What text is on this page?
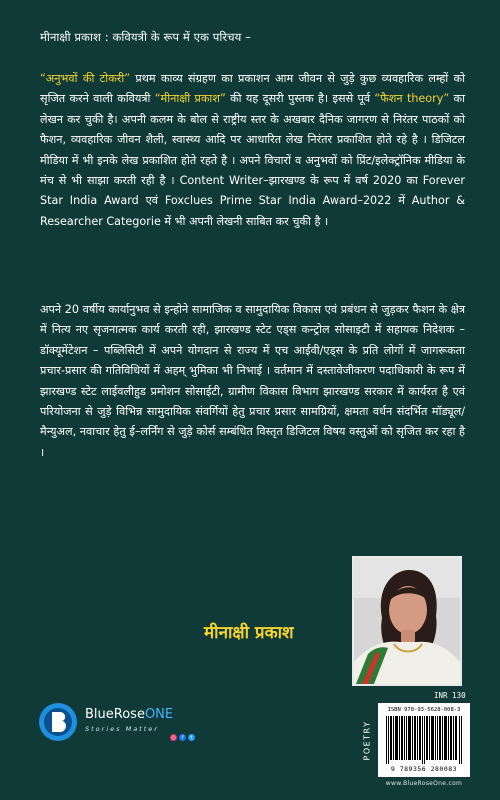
मीनाक्षी प्रकाश : कवियत्री के रूप में एक परिचय –
“अनुभवों की टोकरी” प्रथम काव्य संग्रहण का प्रकाशन आम जीवन से जुड़े कुछ व्यवहारिक लम्हों को सृजित करने वाली कवियत्री “मीनाक्षी प्रकाश” की यह दूसरी पुस्तक है। इससे पूर्व “फैशन theory” का लेखन कर चुकी है। अपनी कलम के बोल से राष्ट्रीय स्तर के अखबार दैनिक जागरण से निरंतर पाठकों को फैशन, व्यवहारिक जीवन शैली, स्वास्थ्य आदि पर आधारित लेख निरंतर प्रकाशित होते रहे है । डिजिटल मीडिया में भी इनके लेख प्रकाशित होते रहते है । अपने विचारों व अनुभवों को प्रिंट/इलेक्ट्रॉनिक मीडिया के मंच से भी साझा करती रही है । Content Writer–झारखण्ड के रूप में वर्ष 2020 का Forever Star India Award एवं Foxclues Prime Star India Award–2022 में Author & Researcher Categorie में भी अपनी लेखनी साबित कर चुकी है ।
अपने 20 वर्षीय कार्यानुभव से इन्होने सामाजिक व सामुदायिक विकास एवं प्रबंधन से जुड़कर फैशन के क्षेत्र में नित्य नए सृजनात्मक कार्य करती रही, झारखण्ड स्टेट एड्स कन्ट्रोल सोसाइटी में सहायक निदेशक –डॉक्यूमेंटेशन – पब्लिसिटी में अपने योगदान से राज्य में एच आईवी/एड्स के प्रति लोगों में जागरूकता प्रचार-प्रसार की गतिविधियों में अहम् भुमिका भी निभाई । वर्तमान में दस्तावेजीकरण पदाधिकारी के रूप में झारखण्ड स्टेट लाईवलीहुड प्रमोशन सोसाईटी, ग्रामीण विकास विभाग झारखण्ड सरकार में कार्यरत है एवं परियोजना से जुड़े विभिन्न सामुदायिक संवर्गियों हेतु प्रचार प्रसार सामग्रियों, क्षमता वर्धन संदर्भित मॉड्यूल/मैन्युअल, नवाचार हेतु ई–लर्निंग से जुड़े कोर्स सम्बंधित विस्तृत डिजिटल विषय वस्तुओं को सृजित कर रहा है ।
मीनाक्षी प्रकाश
INR 130
POETRY
ISBN 978-93-5628-008-3
9 789356 280083
www.BlueRoseOne.com
BlueRoseONE
Stories Matter
◎	f	t
